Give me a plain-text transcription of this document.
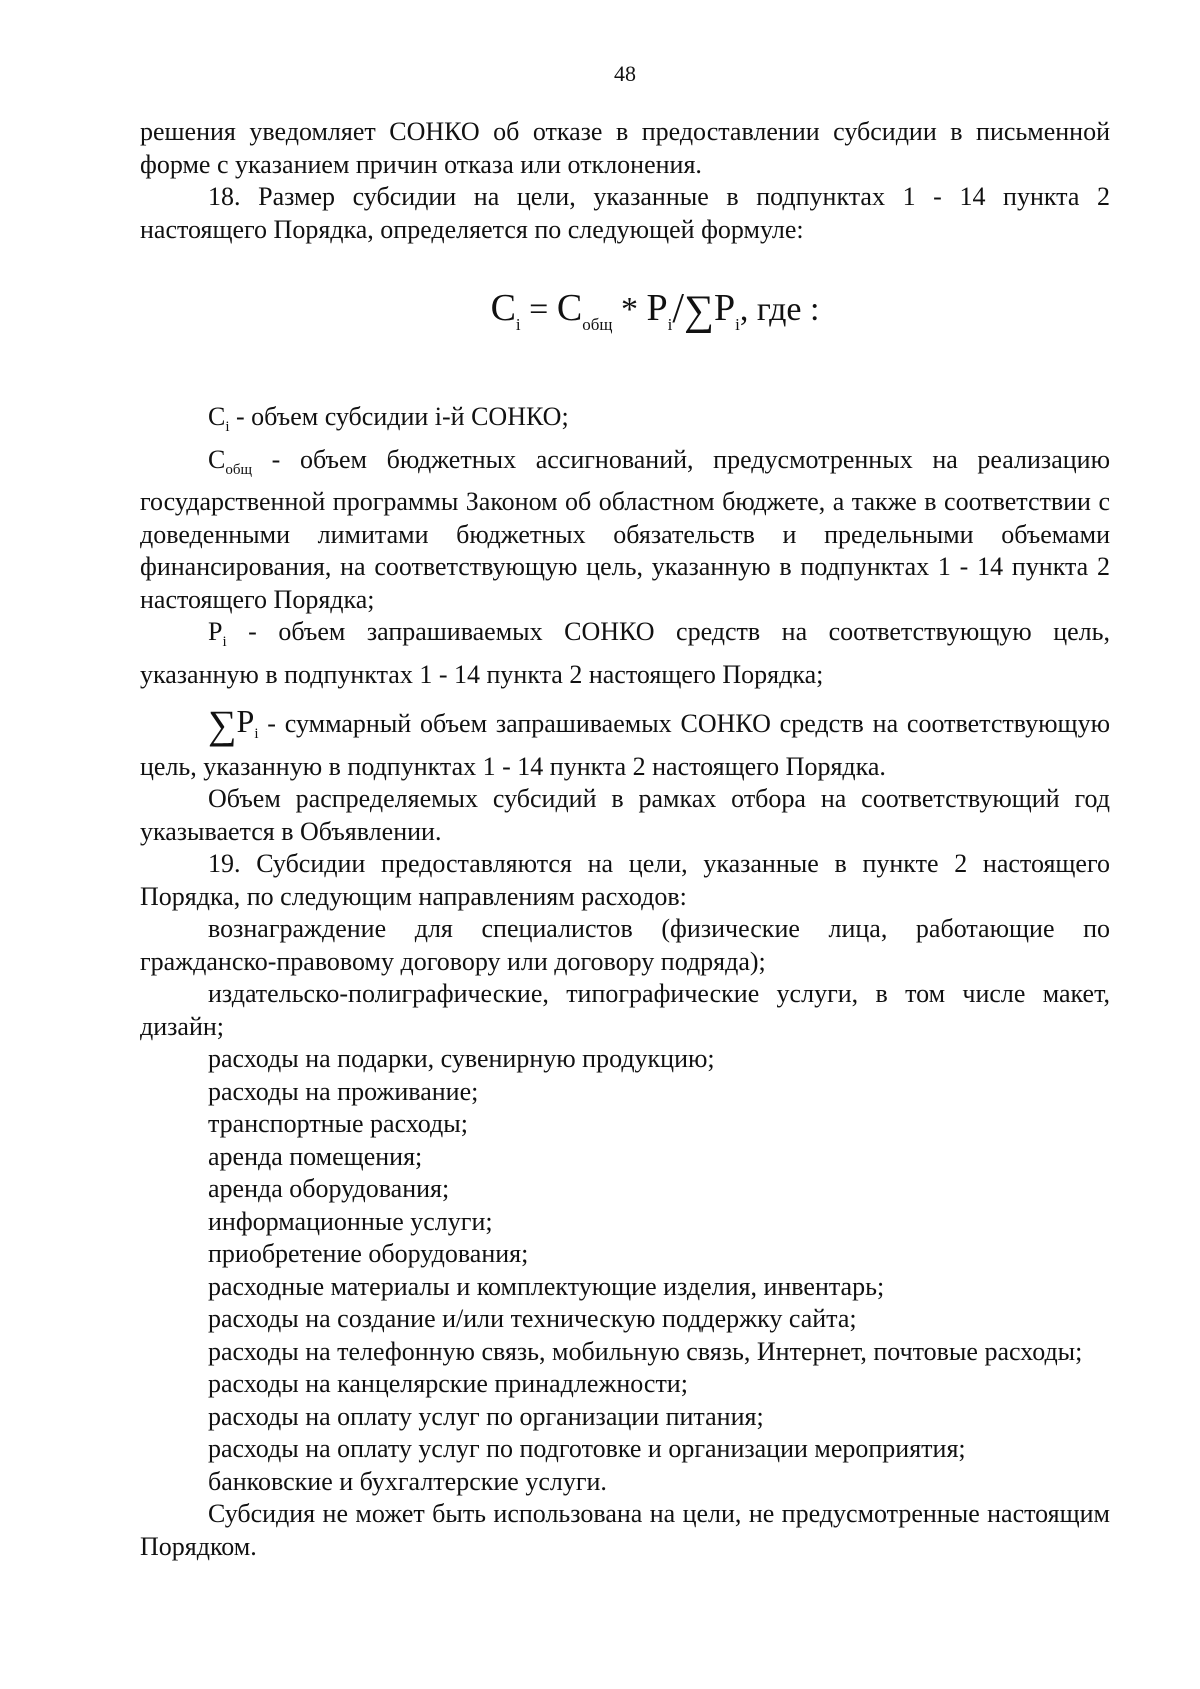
48

решения уведомляет СОНКО об отказе в предоставлении субсидии в письменной форме с указанием причин отказа или отклонения.

18. Размер субсидии на цели, указанные в подпунктах 1 - 14 пункта 2 настоящего Порядка, определяется по следующей формуле:

$C_i = C_{общ} * P_i/\sum P_i$, где :

$C_i$ - объем субсидии i-й СОНКО;

$C_{общ}$ - объем бюджетных ассигнований, предусмотренных на реализацию государственной программы Законом об областном бюджете, а также в соответствии с доведенными лимитами бюджетных обязательств и предельными объемами финансирования, на соответствующую цель, указанную в подпунктах 1 - 14 пункта 2 настоящего Порядка;

$P_i$ - объем запрашиваемых СОНКО средств на соответствующую цель, указанную в подпунктах 1 - 14 пункта 2 настоящего Порядка;

$\sum P_i$ - суммарный объем запрашиваемых СОНКО средств на соответствующую цель, указанную в подпунктах 1 - 14 пункта 2 настоящего Порядка.

Объем распределяемых субсидий в рамках отбора на соответствующий год указывается в Объявлении.

19. Субсидии предоставляются на цели, указанные в пункте 2 настоящего Порядка, по следующим направлениям расходов:

вознаграждение для специалистов (физические лица, работающие по гражданско-правовому договору или договору подряда);

издательско-полиграфические, типографические услуги, в том числе макет, дизайн;

расходы на подарки, сувенирную продукцию;

расходы на проживание;

транспортные расходы;

аренда помещения;

аренда оборудования;

информационные услуги;

приобретение оборудования;

расходные материалы и комплектующие изделия, инвентарь;

расходы на создание и/или техническую поддержку сайта;

расходы на телефонную связь, мобильную связь, Интернет, почтовые расходы;

расходы на канцелярские принадлежности;

расходы на оплату услуг по организации питания;

расходы на оплату услуг по подготовке и организации мероприятия;

банковские и бухгалтерские услуги.

Субсидия не может быть использована на цели, не предусмотренные настоящим Порядком.
